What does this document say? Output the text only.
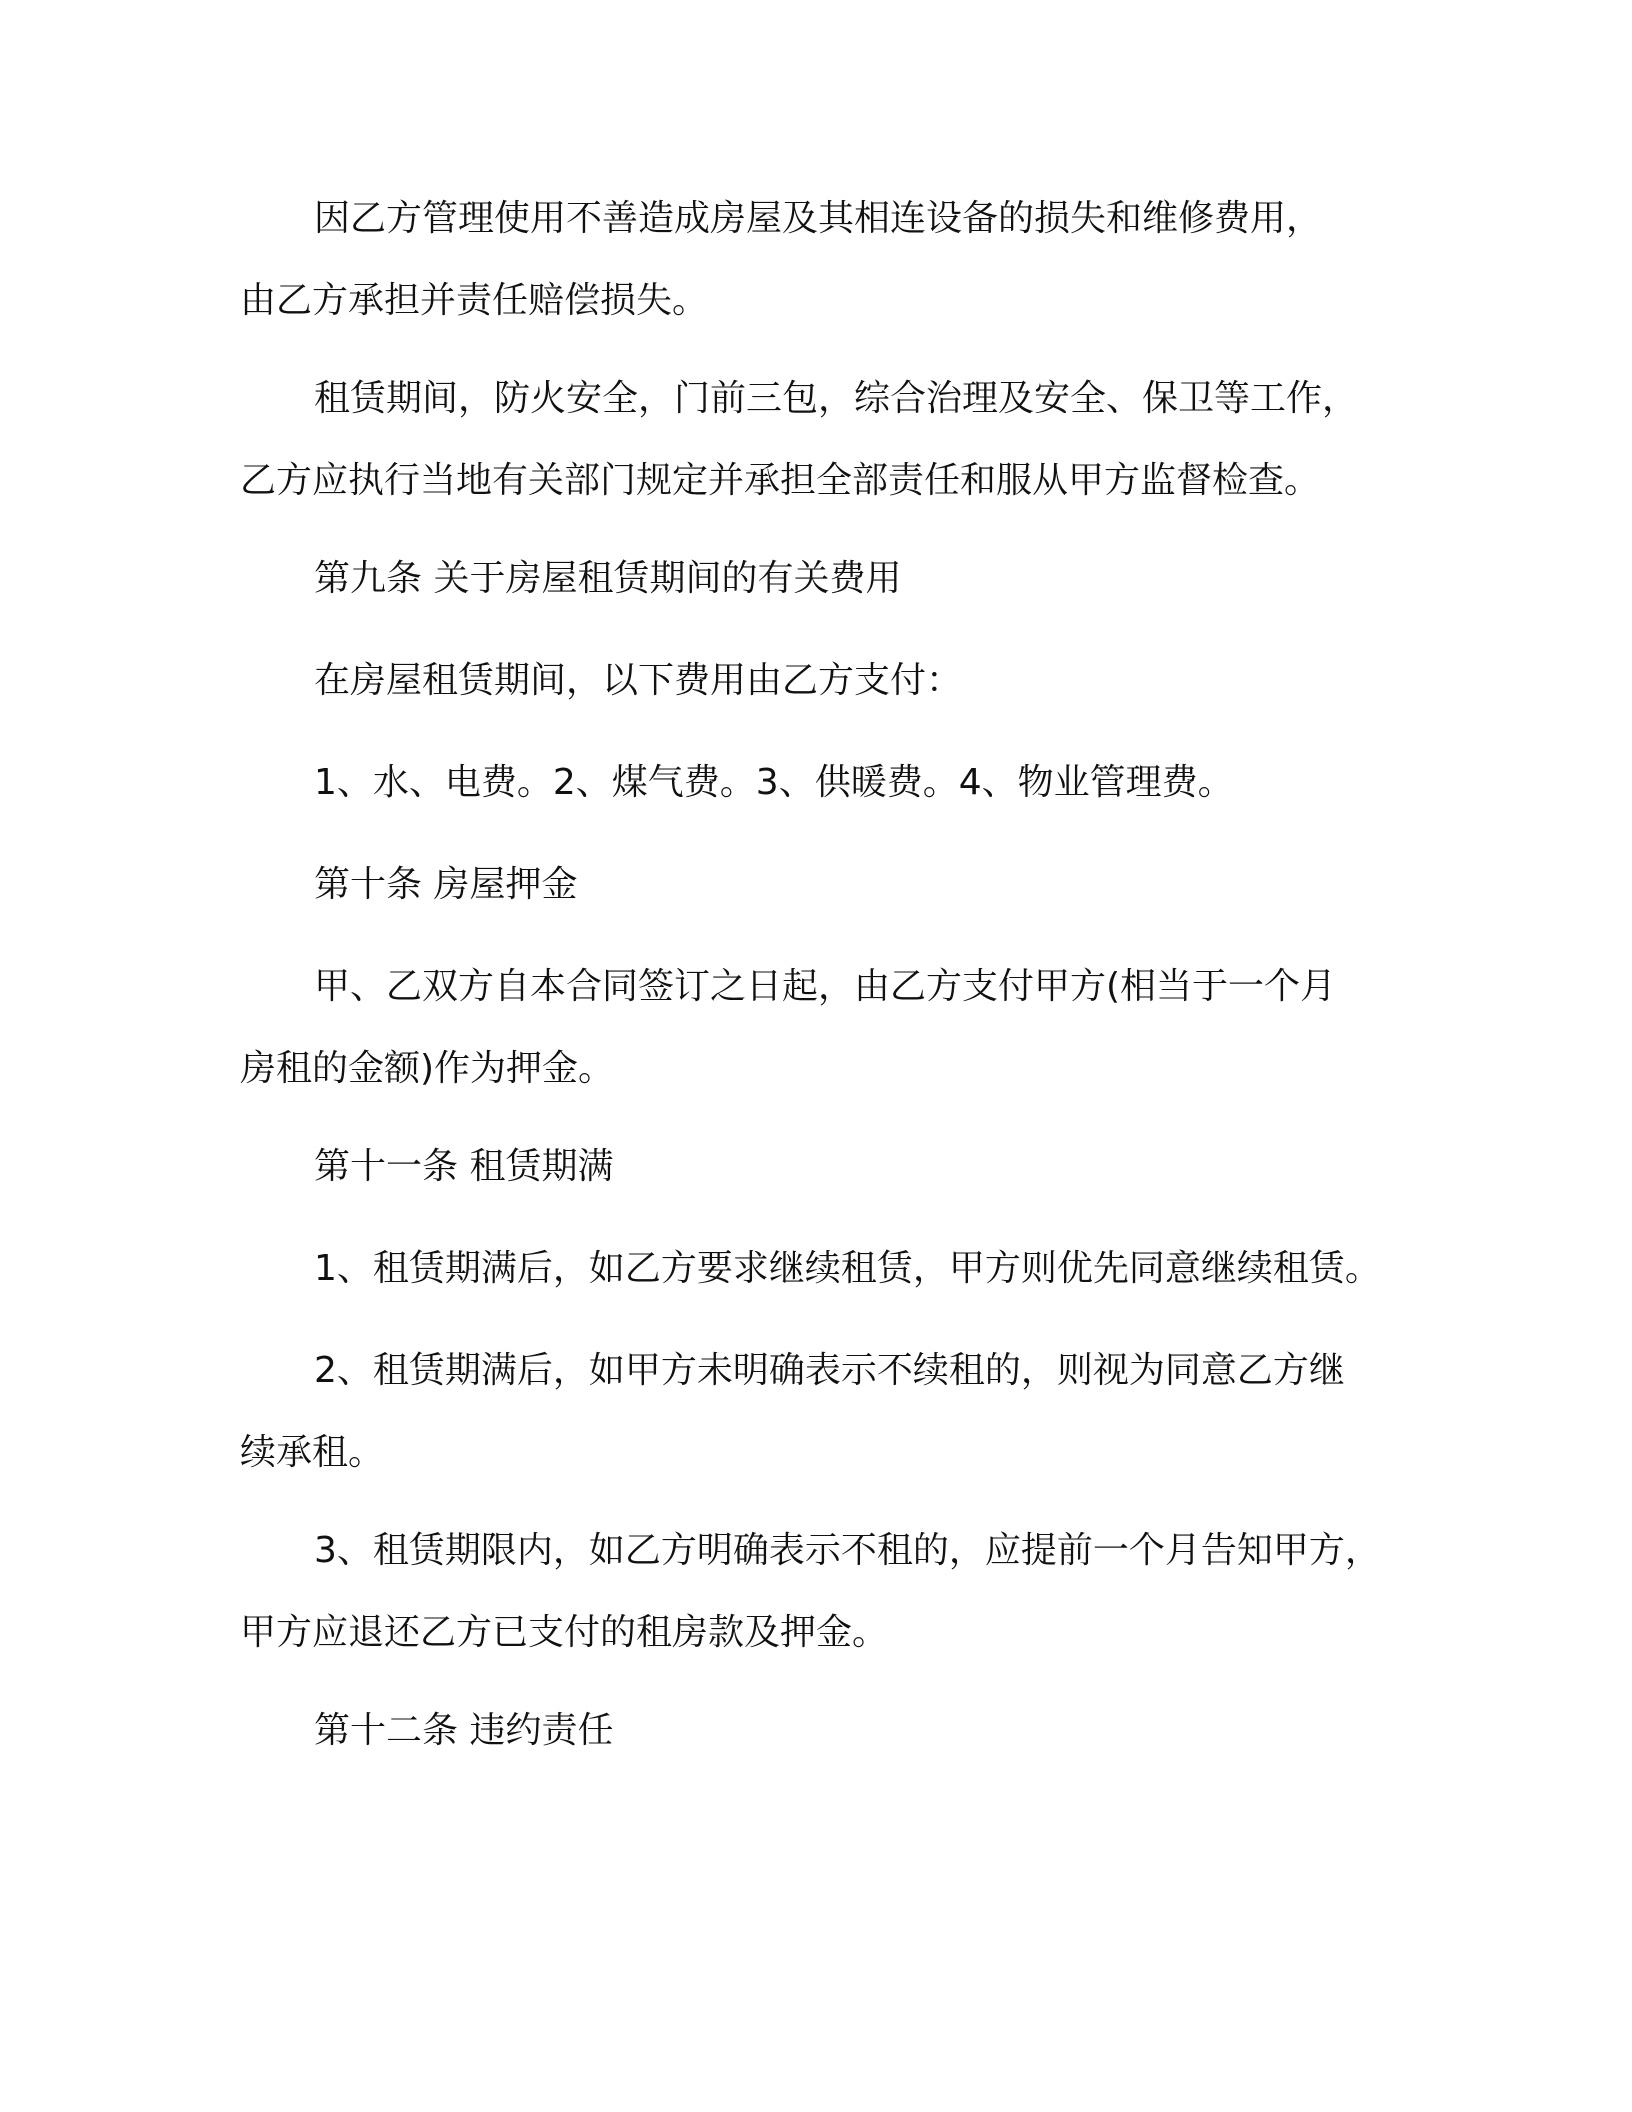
因乙方管理使用不善造成房屋及其相连设备的损失和维修费用，
由乙方承担并责任赔偿损失。
租赁期间，防火安全，门前三包，综合治理及安全、保卫等工作，
乙方应执行当地有关部门规定并承担全部责任和服从甲方监督检查。
第九条 关于房屋租赁期间的有关费用
在房屋租赁期间，以下费用由乙方支付：
1、水、电费。2、煤气费。3、供暖费。4、物业管理费。
第十条 房屋押金
甲、乙双方自本合同签订之日起，由乙方支付甲方(相当于一个月
房租的金额)作为押金。
第十一条 租赁期满
1、租赁期满后，如乙方要求继续租赁，甲方则优先同意继续租赁。
2、租赁期满后，如甲方未明确表示不续租的，则视为同意乙方继
续承租。
3、租赁期限内，如乙方明确表示不租的，应提前一个月告知甲方，
甲方应退还乙方已支付的租房款及押金。
第十二条 违约责任
